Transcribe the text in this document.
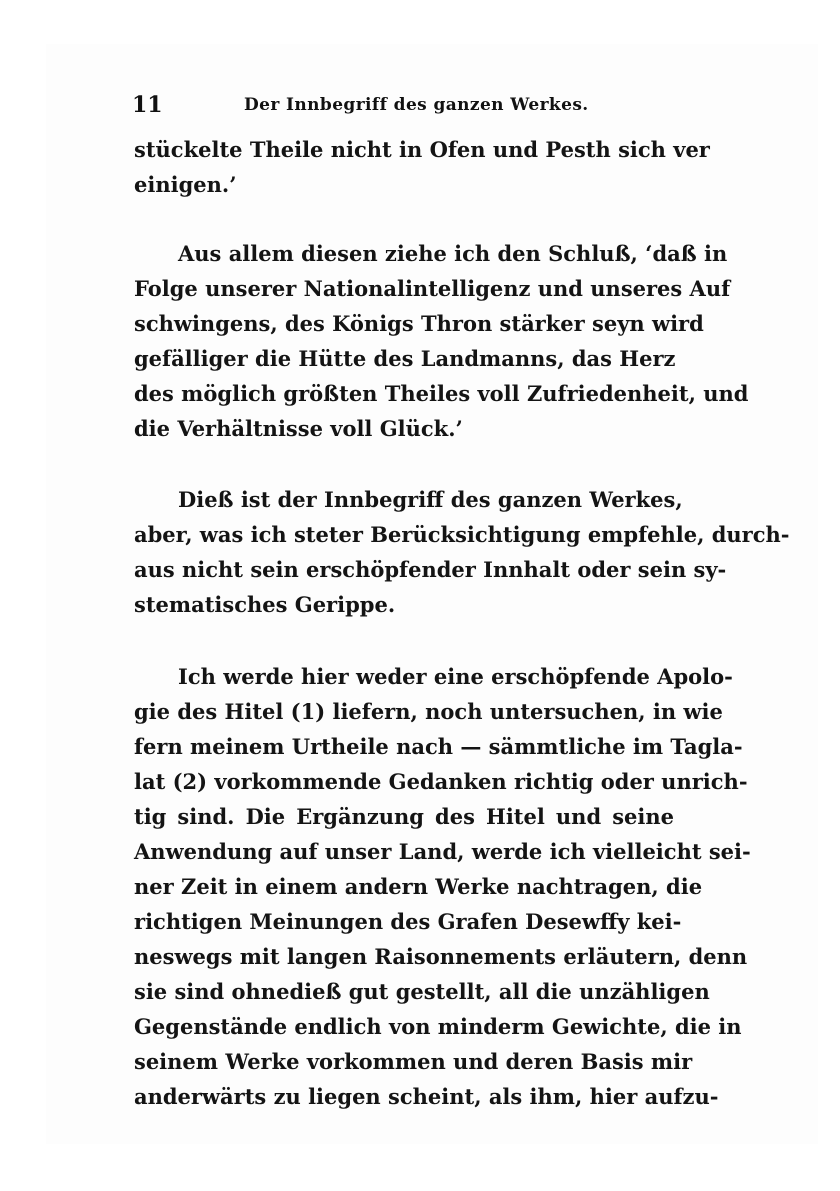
11	Der Innbegriff des ganzen Werkes.
stückelte Theile nicht in Ofen und Pesth sich ver
einigen.’
Aus allem diesen ziehe ich den Schluß, ‘daß in
Folge unserer Nationalintelligenz und unseres Auf
schwingens, des Königs Thron stärker seyn wird
gefälliger die Hütte des Landmanns, das Herz
des möglich größten Theiles voll Zufriedenheit, und
die Verhältnisse voll Glück.’
Dieß ist der Innbegriff des ganzen Werkes,
aber, was ich steter Berücksichtigung empfehle, durch-
aus nicht sein erschöpfender Innhalt oder sein sy-
stematisches Gerippe.
Ich werde hier weder eine erschöpfende Apolo-
gie des Hitel (1) liefern, noch untersuchen, in wie
fern meinem Urtheile nach — sämmtliche im Tagla-
lat (2) vorkommende Gedanken richtig oder unrich-
tig sind. Die Ergänzung des Hitel und seine
Anwendung auf unser Land, werde ich vielleicht sei-
ner Zeit in einem andern Werke nachtragen, die
richtigen Meinungen des Grafen Desewffy kei-
neswegs mit langen Raisonnements erläutern, denn
sie sind ohnedieß gut gestellt, all die unzähligen
Gegenstände endlich von minderm Gewichte, die in
seinem Werke vorkommen und deren Basis mir
anderwärts zu liegen scheint, als ihm, hier aufzu-
